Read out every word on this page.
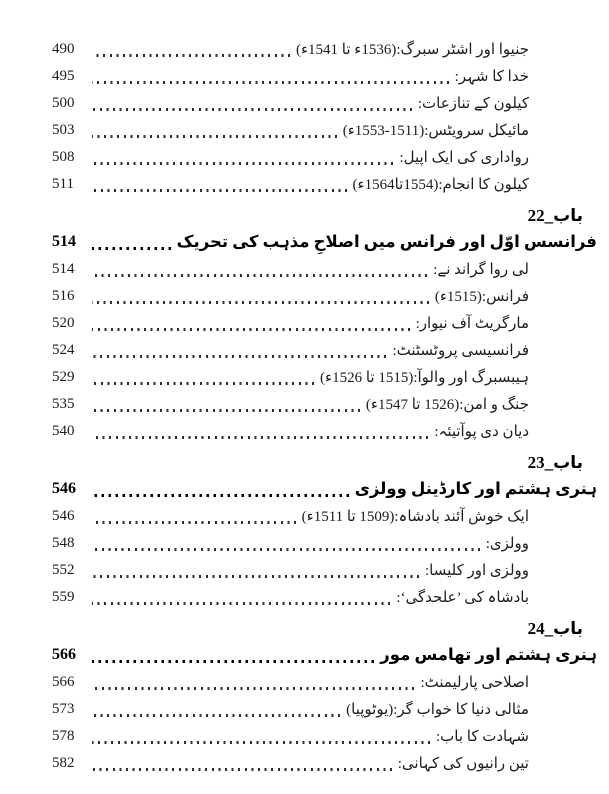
جنیوا اور اشٹر سبرگ:(1536ء تا 1541ء)
490
خدا کا شہر:
495
کیلون کے تنازعات:
500
مائیکل سرویٹس:(1511-1553ء)
503
رواداری کی ایک اپیل:
508
کیلون کا انجام:(1554تا1564ء)
511
باب_22
فرانسس اوّل اور فرانس میں اصلاحِ مذہب کی تحریک
514
لی روا گراند نے:
514
فرانس:(1515ء)
516
مارگریٹ آف نیوار:
520
فرانسیسی پروٹسٹنٹ:
524
ہیبسبرگ اور والوآ:(1515 تا 1526ء)
529
جنگ و امن:(1526 تا 1547ء)
535
دیان دی پوآتیئہ:
540
باب_23
ہنری ہشتم اور کارڈینل وولزی
546
ایک خوش آئند بادشاہ:(1509 تا 1511ء)
546
وولزی:
548
وولزی اور کلیسا:
552
بادشاہ کی ’علحدگی‘:
559
باب_24
ہنری ہشتم اور تھامس مور
566
اصلاحی پارلیمنٹ:
566
مثالی دنیا کا خواب گر:(یوٹوپیا)
573
شہادت کا باب:
578
تین رانیوں کی کہانی:
582
